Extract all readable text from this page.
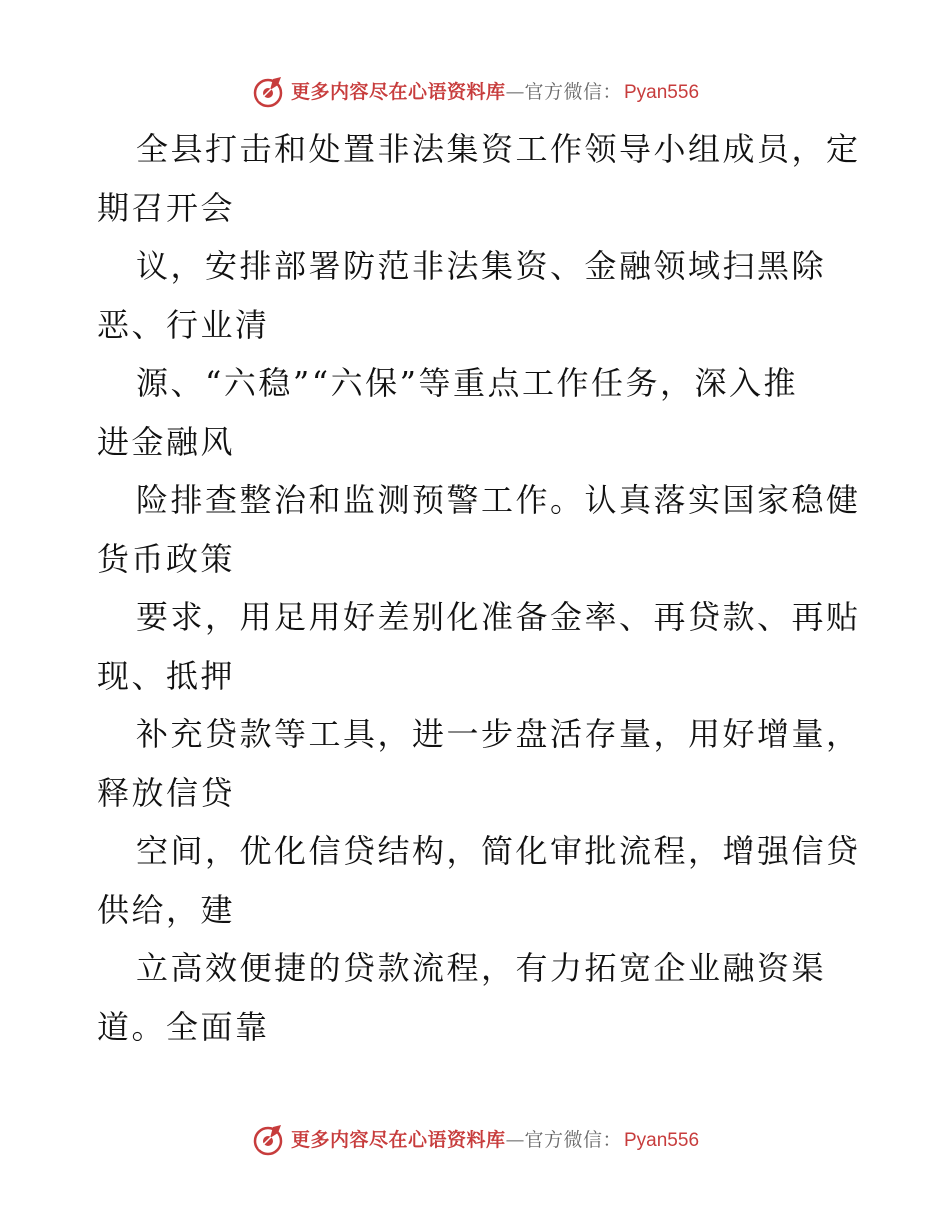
更多内容尽在心语资料库 — 官方微信： Pyan556
全县打击和处置非法集资工作领导小组成员，定
期召开会
议，安排部署防范非法集资、金融领域扫黑除
恶、行业清
源、“六稳”“六保”等重点工作任务，深入推
进金融风
险排查整治和监测预警工作。认真落实国家稳健
货币政策
要求，用足用好差别化准备金率、再贷款、再贴
现、抵押
补充贷款等工具，进一步盘活存量，用好增量，
释放信贷
空间，优化信贷结构，简化审批流程，增强信贷
供给，建
立高效便捷的贷款流程，有力拓宽企业融资渠
道。全面靠
更多内容尽在心语资料库 — 官方微信： Pyan556
